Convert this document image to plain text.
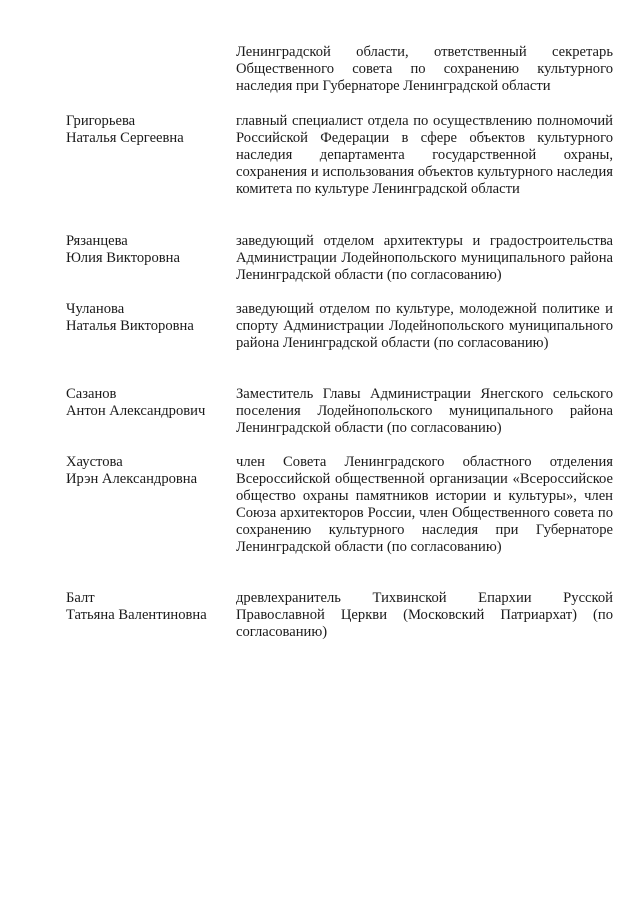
Ленинградской области, ответственный секретарь Общественного совета по сохранению культурного наследия при Губернаторе Ленинградской области
Григорьева
Наталья Сергеевна
главный специалист отдела по осуществлению полномочий Российской Федерации в сфере объектов культурного наследия департамента государственной охраны, сохранения и использования объектов культурного наследия комитета по культуре Ленинградской области
Рязанцева
Юлия Викторовна
заведующий отделом архитектуры и градостроительства Администрации Лодейнопольского муниципального района Ленинградской области (по согласованию)
Чуланова
Наталья Викторовна
заведующий отделом по культуре, молодежной политике и спорту Администрации Лодейнопольского муниципального района Ленинградской области (по согласованию)
Сазанов
Антон Александрович
Заместитель Главы Администрации Янегского сельского поселения Лодейнопольского муниципального района Ленинградской области (по согласованию)
Хаустова
Ирэн Александровна
член Совета Ленинградского областного отделения Всероссийской общественной организации «Всероссийское общество охраны памятников истории и культуры», член Союза архитекторов России, член Общественного совета по сохранению культурного наследия при Губернаторе Ленинградской области (по согласованию)
Балт
Татьяна Валентиновна
древлехранитель Тихвинской Епархии Русской Православной Церкви (Московский Патриархат) (по согласованию)
